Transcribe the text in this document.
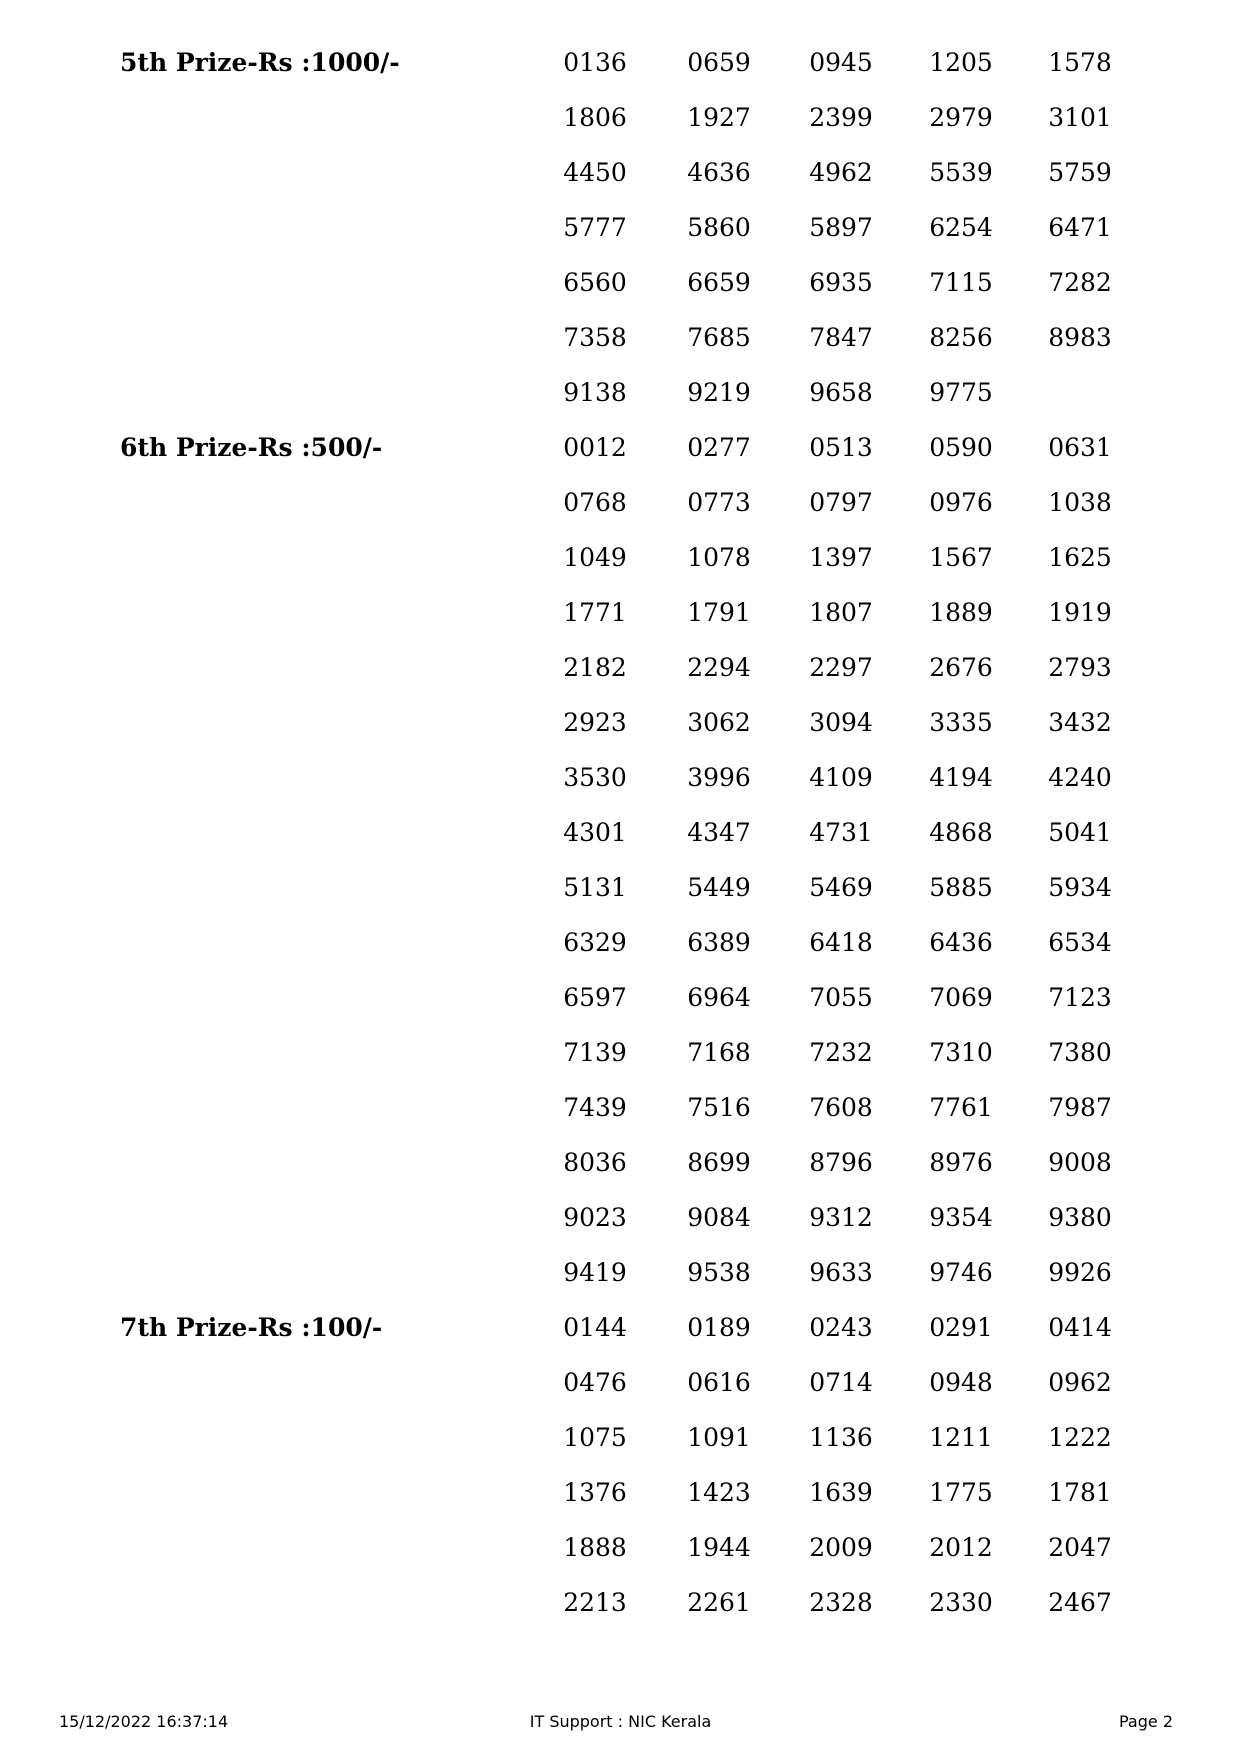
5th Prize-Rs :1000/-	0136	0659	0945	1205	1578
1806	1927	2399	2979	3101
4450	4636	4962	5539	5759
5777	5860	5897	6254	6471
6560	6659	6935	7115	7282
7358	7685	7847	8256	8983
9138	9219	9658	9775
6th Prize-Rs :500/-	0012	0277	0513	0590	0631
0768	0773	0797	0976	1038
1049	1078	1397	1567	1625
1771	1791	1807	1889	1919
2182	2294	2297	2676	2793
2923	3062	3094	3335	3432
3530	3996	4109	4194	4240
4301	4347	4731	4868	5041
5131	5449	5469	5885	5934
6329	6389	6418	6436	6534
6597	6964	7055	7069	7123
7139	7168	7232	7310	7380
7439	7516	7608	7761	7987
8036	8699	8796	8976	9008
9023	9084	9312	9354	9380
9419	9538	9633	9746	9926
7th Prize-Rs :100/-	0144	0189	0243	0291	0414
0476	0616	0714	0948	0962
1075	1091	1136	1211	1222
1376	1423	1639	1775	1781
1888	1944	2009	2012	2047
2213	2261	2328	2330	2467
15/12/2022 16:37:14	IT Support : NIC Kerala	Page 2
